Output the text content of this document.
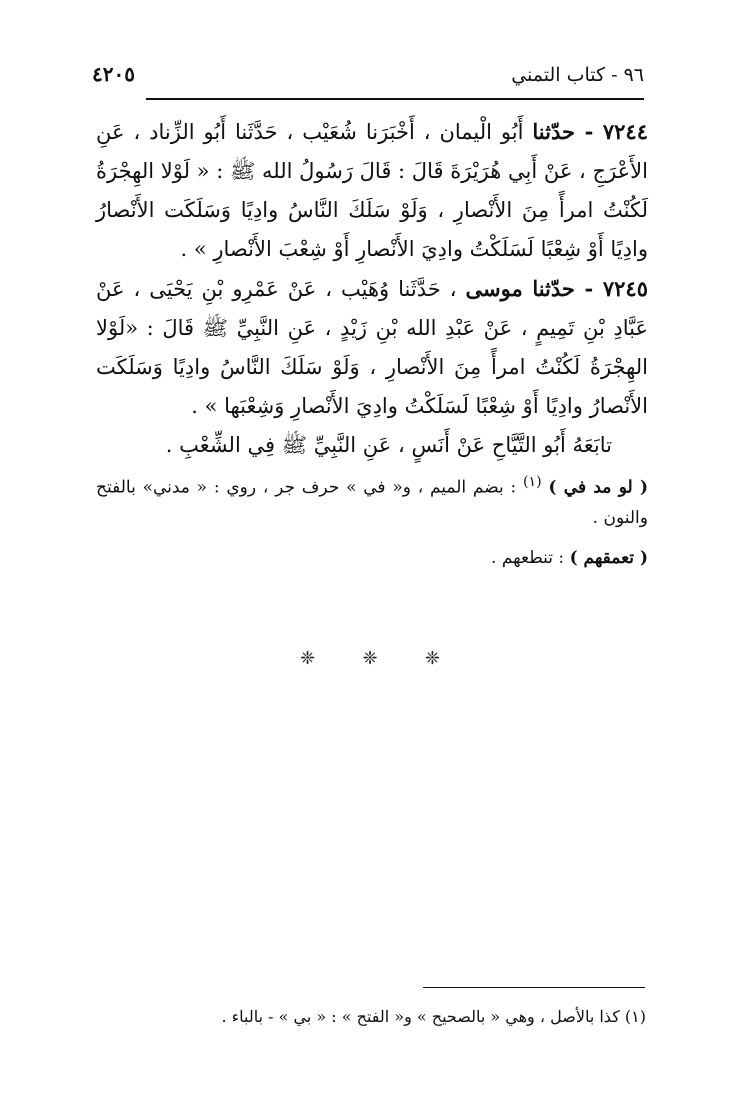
٩٦ - كتاب التمني
٤٢٠٥

٧٢٤٤ - حدّثنا أَبُو الْيمان ، أَخْبَرَنا شُعَيْب ، حَدَّثَنا أَبُو الزِّناد ، عَنِ الأَعْرَجِ ، عَنْ أَبِي هُرَيْرَةَ قَالَ : قَالَ رَسُولُ الله ﷺ : « لَوْلا الهِجْرَةُ لَكُنْتُ امرأً مِنَ الأَنْصارِ ، وَلَوْ سَلَكَ النَّاسُ وادِيًا وَسَلَكَت الأَنْصارُ وادِيًا أَوْ شِعْبًا لَسَلَكْتُ وادِيَ الأَنْصارِ أَوْ شِعْبَ الأَنْصارِ » .

٧٢٤٥ - حدّثنا موسى ، حَدَّثَنا وُهَيْب ، عَنْ عَمْرِو بْنِ يَحْيَى ، عَنْ عَبَّادِ بْنِ تَمِيمٍ ، عَنْ عَبْدِ الله بْنِ زَيْدٍ ، عَنِ النَّبِيِّ ﷺ قَالَ : «لَوْلا الهِجْرَةُ لَكُنْتُ امرأً مِنَ الأَنْصارِ ، وَلَوْ سَلَكَ النَّاسُ وادِيًا وَسَلَكَت الأَنْصارُ وادِيًا أَوْ شِعْبًا لَسَلَكْتُ وادِيَ الأَنْصارِ وَشِعْبَها » .

تابَعَهُ أَبُو التَّيَّاحِ عَنْ أَنَسٍ ، عَنِ النَّبِيِّ ﷺ فِي الشِّعْبِ .

( لو مد في ) $^{(١)}$ : بضم الميم ، و« في » حرف جر ، روي : « مدني» بالفتح والنون .

( تعمقهم ) : تنطعهم .

❈	❈	❈
(١) كذا بالأصل ، وهي « بالصحيح » و« الفتح » : « بي » - بالباء .
